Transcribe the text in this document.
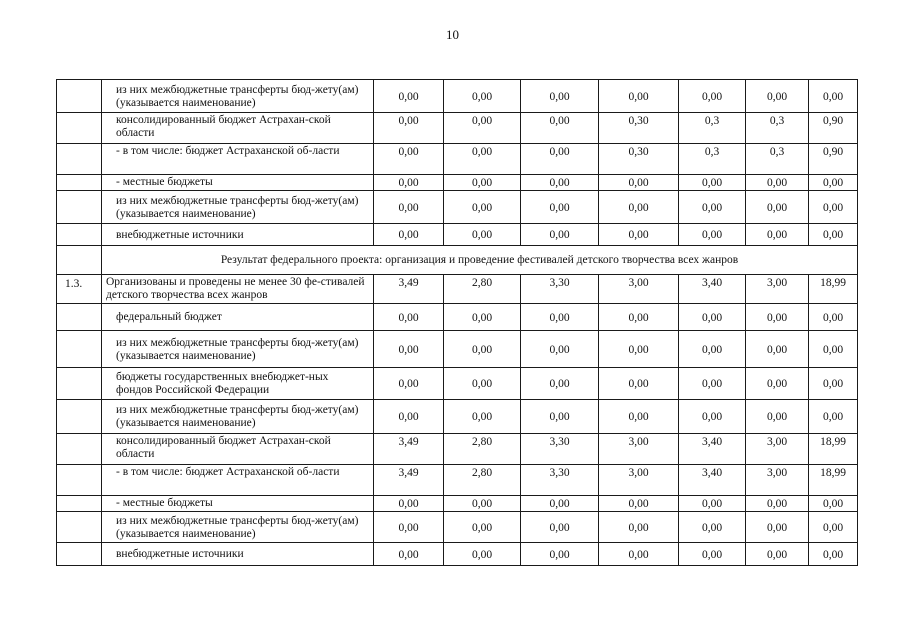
10
	из них межбюджетные трансферты бюд-жету(ам) (указывается наименование)	0,00	0,00	0,00	0,00	0,00	0,00	0,00
	консолидированный бюджет Астрахан-ской области	0,00	0,00	0,00	0,30	0,3	0,3	0,90
	- в том числе: бюджет Астраханской об-ласти	0,00	0,00	0,00	0,30	0,3	0,3	0,90
	- местные бюджеты	0,00	0,00	0,00	0,00	0,00	0,00	0,00
	из них межбюджетные трансферты бюд-жету(ам) (указывается наименование)	0,00	0,00	0,00	0,00	0,00	0,00	0,00
	внебюджетные источники	0,00	0,00	0,00	0,00	0,00	0,00	0,00
	Результат федерального проекта: организация и проведение фестивалей детского творчества всех жанров							
1.3.	Организованы и проведены не менее 30 фе-стивалей детского творчества всех жанров	3,49	2,80	3,30	3,00	3,40	3,00	18,99
	федеральный бюджет	0,00	0,00	0,00	0,00	0,00	0,00	0,00
	из них межбюджетные трансферты бюд-жету(ам) (указывается наименование)	0,00	0,00	0,00	0,00	0,00	0,00	0,00
	бюджеты государственных внебюджет-ных фондов Российской Федерации	0,00	0,00	0,00	0,00	0,00	0,00	0,00
	из них межбюджетные трансферты бюд-жету(ам) (указывается наименование)	0,00	0,00	0,00	0,00	0,00	0,00	0,00
	консолидированный бюджет Астрахан-ской области	3,49	2,80	3,30	3,00	3,40	3,00	18,99
	- в том числе: бюджет Астраханской об-ласти	3,49	2,80	3,30	3,00	3,40	3,00	18,99
	- местные бюджеты	0,00	0,00	0,00	0,00	0,00	0,00	0,00
	из них межбюджетные трансферты бюд-жету(ам) (указывается наименование)	0,00	0,00	0,00	0,00	0,00	0,00	0,00
	внебюджетные источники	0,00	0,00	0,00	0,00	0,00	0,00	0,00
